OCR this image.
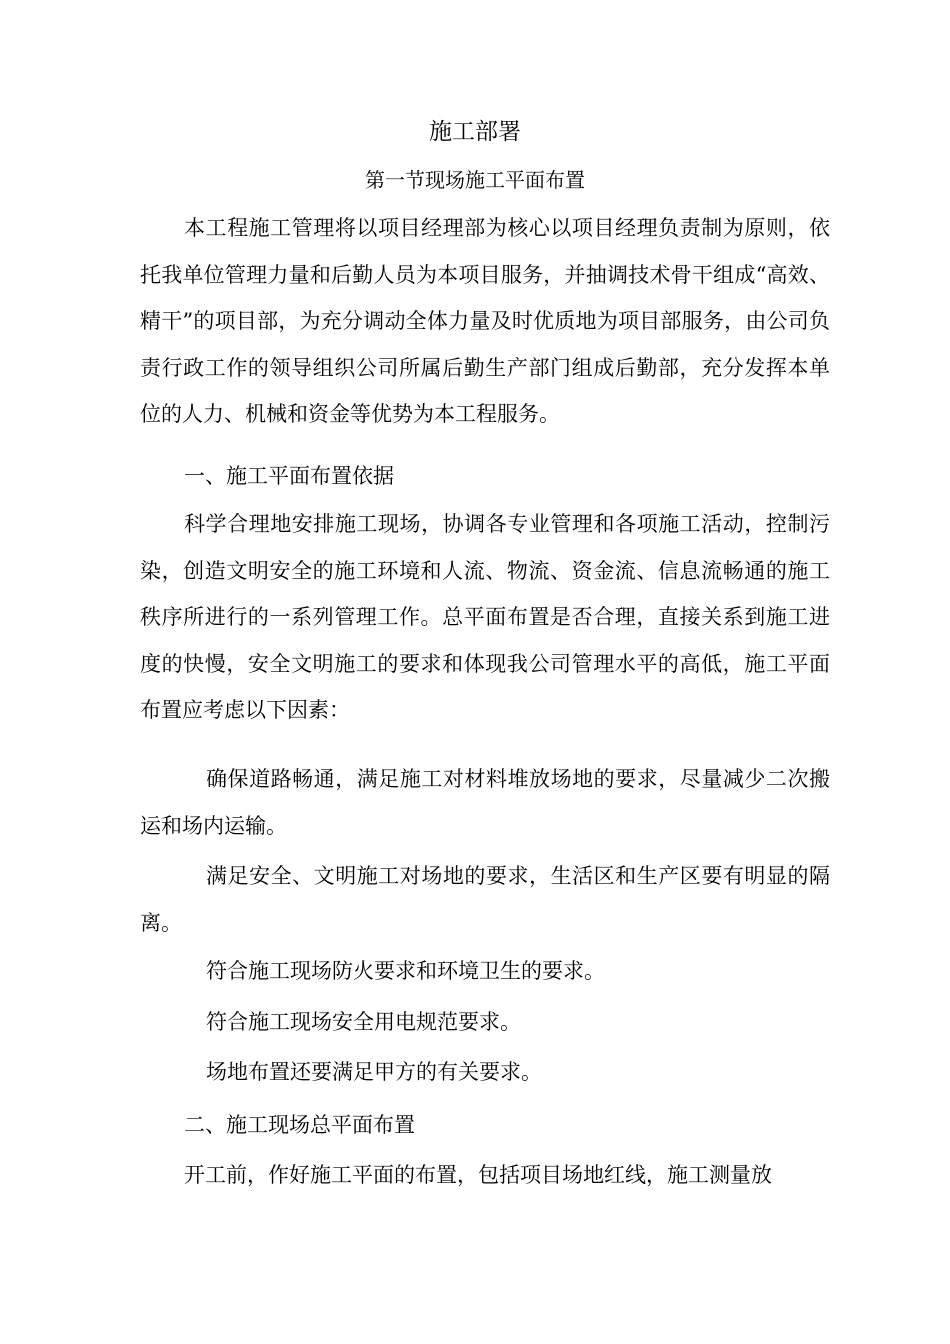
施工部署
第一节现场施工平面布置

本工程施工管理将以项目经理部为核心以项目经理负责制为原则，依托我单位管理力量和后勤人员为本项目服务，并抽调技术骨干组成“高效、精干”的项目部，为充分调动全体力量及时优质地为项目部服务，由公司负责行政工作的领导组织公司所属后勤生产部门组成后勤部，充分发挥本单位的人力、机械和资金等优势为本工程服务。

一、施工平面布置依据

科学合理地安排施工现场，协调各专业管理和各项施工活动，控制污染，创造文明安全的施工环境和人流、物流、资金流、信息流畅通的施工秩序所进行的一系列管理工作。总平面布置是否合理，直接关系到施工进度的快慢，安全文明施工的要求和体现我公司管理水平的高低，施工平面布置应考虑以下因素：

确保道路畅通，满足施工对材料堆放场地的要求，尽量减少二次搬运和场内运输。

满足安全、文明施工对场地的要求，生活区和生产区要有明显的隔离。

符合施工现场防火要求和环境卫生的要求。

符合施工现场安全用电规范要求。

场地布置还要满足甲方的有关要求。

二、施工现场总平面布置

开工前，作好施工平面的布置，包括项目场地红线，施工测量放
